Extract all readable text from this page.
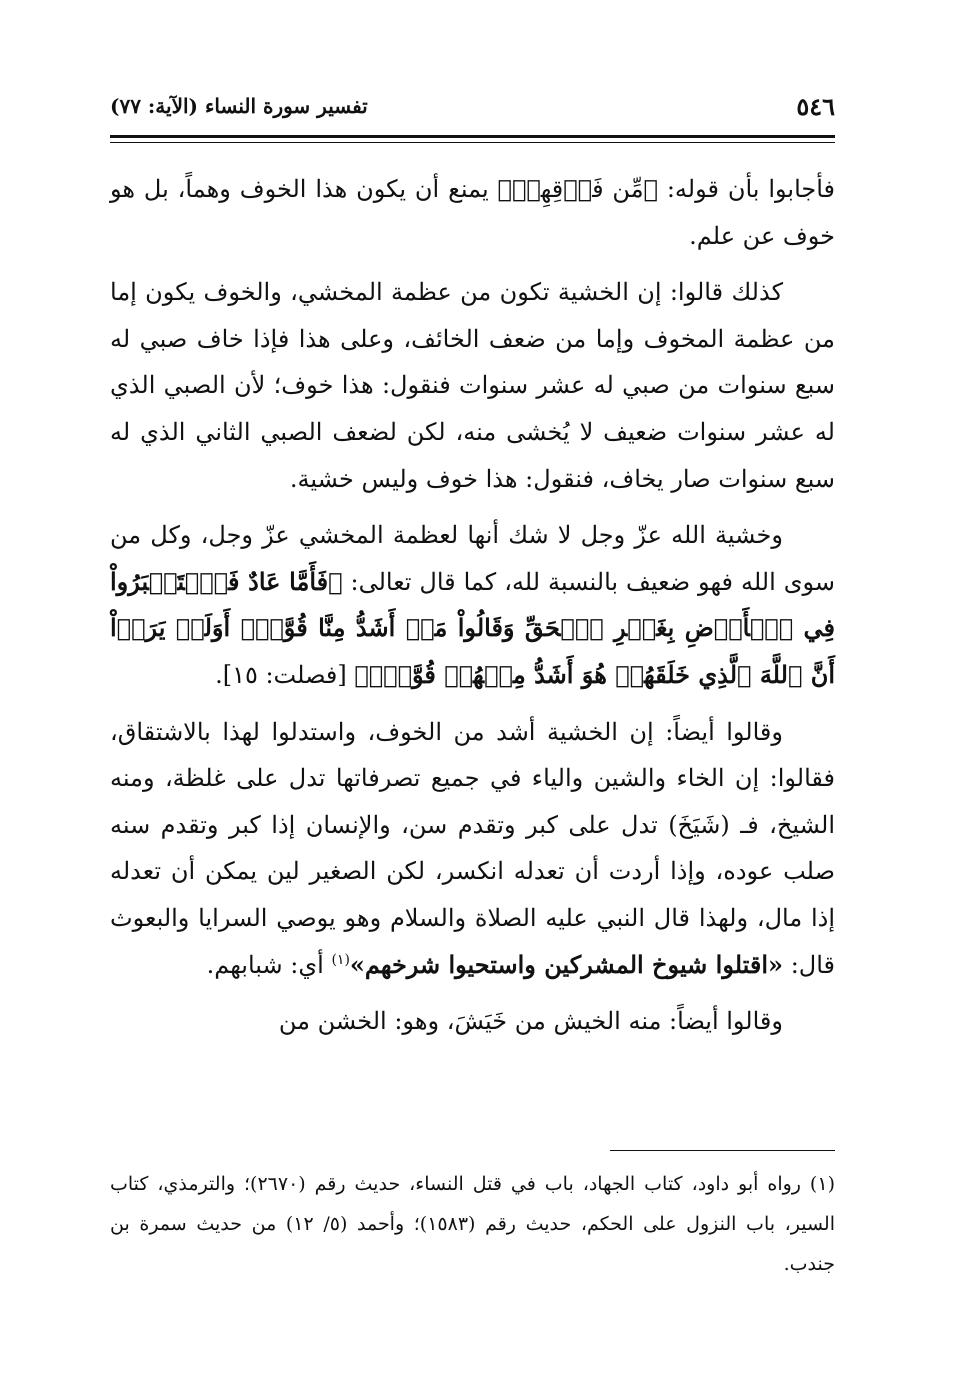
٥٤٦
تفسير سورة النساء (الآية: ٧٧)

فأجابوا بأن قوله: ﴿مِّن فَوۡقِهِمۡ﴾ يمنع أن يكون هذا الخوف وهماً، بل هو خوف عن علم.

كذلك قالوا: إن الخشية تكون من عظمة المخشي، والخوف يكون إما من عظمة المخوف وإما من ضعف الخائف، وعلى هذا فإذا خاف صبي له سبع سنوات من صبي له عشر سنوات فنقول: هذا خوف؛ لأن الصبي الذي له عشر سنوات ضعيف لا يُخشى منه، لكن لضعف الصبي الثاني الذي له سبع سنوات صار يخاف، فنقول: هذا خوف وليس خشية.

وخشية الله عزّ وجل لا شك أنها لعظمة المخشي عزّ وجل، وكل من سوى الله فهو ضعيف بالنسبة لله، كما قال تعالى: ﴿فَأَمَّا عَادٌ فَٱسۡتَكۡبَرُواْ فِي ٱلۡأَرۡضِ بِغَيۡرِ ٱلۡحَقِّ وَقَالُواْ مَنۡ أَشَدُّ مِنَّا قُوَّةًۖ أَوَلَمۡ يَرَوۡاْ أَنَّ ٱللَّهَ ٱلَّذِي خَلَقَهُمۡ هُوَ أَشَدُّ مِنۡهُمۡ قُوَّةٗۖ﴾ [فصلت: ١٥].

وقالوا أيضاً: إن الخشية أشد من الخوف، واستدلوا لهذا بالاشتقاق، فقالوا: إن الخاء والشين والياء في جميع تصرفاتها تدل على غلظة، ومنه الشيخ، فـ (شَيَخَ) تدل على كبر وتقدم سن، والإنسان إذا كبر وتقدم سنه صلب عوده، وإذا أردت أن تعدله انكسر، لكن الصغير لين يمكن أن تعدله إذا مال، ولهذا قال النبي عليه الصلاة والسلام وهو يوصي السرايا والبعوث قال: «اقتلوا شيوخ المشركين واستحيوا شرخهم»$^{(١)}$ أي: شبابهم.

وقالوا أيضاً: منه الخيش من خَيَشَ، وهو: الخشن من

(١) رواه أبو داود، كتاب الجهاد، باب في قتل النساء، حديث رقم (٢٦٧٠)؛ والترمذي، كتاب السير، باب النزول على الحكم، حديث رقم (١٥٨٣)؛ وأحمد (٥/ ١٢) من حديث سمرة بن جندب.
